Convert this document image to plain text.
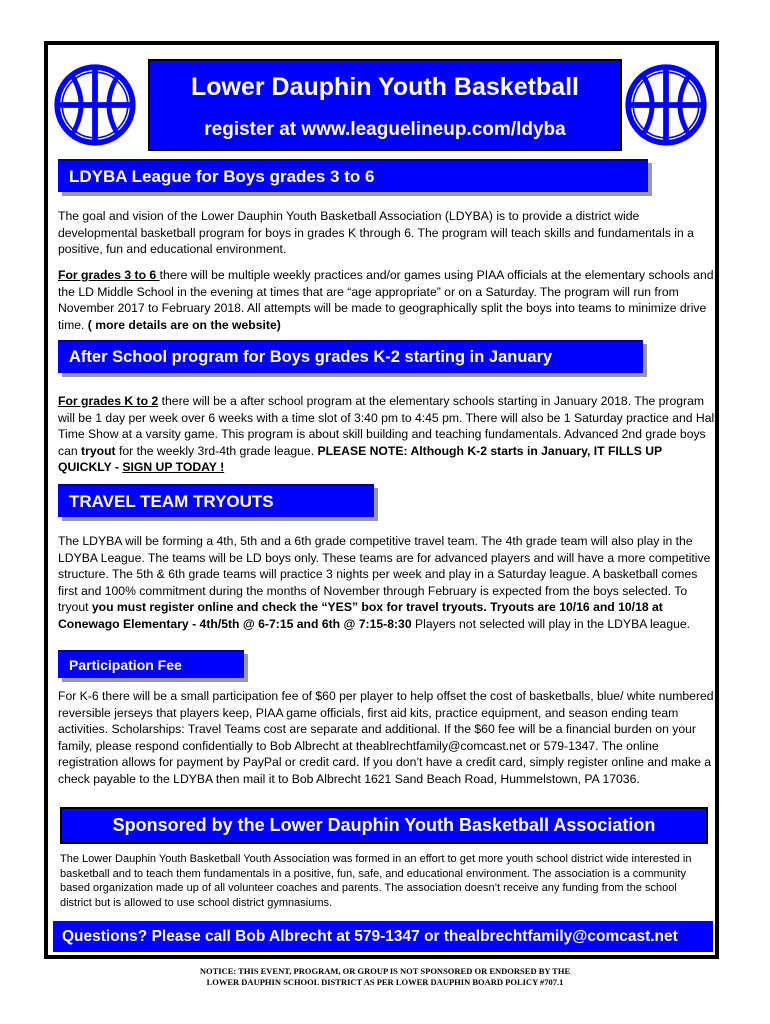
Lower Dauphin Youth Basketball
register at www.leaguelineup.com/ldyba
LDYBA League for Boys grades 3 to 6
The goal and vision of the Lower Dauphin Youth Basketball Association (LDYBA) is to provide a district wide developmental basketball program for boys in grades K through 6. The program will teach skills and fundamentals in a positive, fun and educational environment.
For grades 3 to 6 there will be multiple weekly practices and/or games using PIAA officials at the elementary schools and the LD Middle School in the evening at times that are “age appropriate” or on a Saturday. The program will run from November 2017 to February 2018. All attempts will be made to geographically split the boys into teams to minimize drive time. ( more details are on the website)
After School program for Boys grades K-2 starting in January
For grades K to 2 there will be a after school program at the elementary schools starting in January 2018. The program will be 1 day per week over 6 weeks with a time slot of 3:40 pm to 4:45 pm. There will also be 1 Saturday practice and Half Time Show at a varsity game. This program is about skill building and teaching fundamentals. Advanced 2nd grade boys can tryout for the weekly 3rd-4th grade league. PLEASE NOTE: Although K-2 starts in January, IT FILLS UP QUICKLY - SIGN UP TODAY !
TRAVEL TEAM TRYOUTS
The LDYBA will be forming a 4th, 5th and a 6th grade competitive travel team. The 4th grade team will also play in the LDYBA League. The teams will be LD boys only. These teams are for advanced players and will have a more competitive structure. The 5th & 6th grade teams will practice 3 nights per week and play in a Saturday league. A basketball comes first and 100% commitment during the months of November through February is expected from the boys selected. To tryout you must register online and check the “YES” box for travel tryouts. Tryouts are 10/16 and 10/18 at Conewago Elementary - 4th/5th @ 6-7:15 and 6th @ 7:15-8:30 Players not selected will play in the LDYBA league.
Participation Fee
For K-6 there will be a small participation fee of $60 per player to help offset the cost of basketballs, blue/ white numbered reversible jerseys that players keep, PIAA game officials, first aid kits, practice equipment, and season ending team activities. Scholarships: Travel Teams cost are separate and additional. If the $60 fee will be a financial burden on your family, please respond confidentially to Bob Albrecht at theablrechtfamily@comcast.net or 579-1347. The online registration allows for payment by PayPal or credit card. If you don’t have a credit card, simply register online and make a check payable to the LDYBA then mail it to Bob Albrecht 1621 Sand Beach Road, Hummelstown, PA 17036.
Sponsored by the Lower Dauphin Youth Basketball Association
The Lower Dauphin Youth Basketball Youth Association was formed in an effort to get more youth school district wide interested in basketball and to teach them fundamentals in a positive, fun, safe, and educational environment. The association is a community based organization made up of all volunteer coaches and parents. The association doesn’t receive any funding from the school district but is allowed to use school district gymnasiums.
Questions? Please call Bob Albrecht at 579-1347 or thealbrechtfamily@comcast.net
NOTICE: THIS EVENT, PROGRAM, OR GROUP IS NOT SPONSORED OR ENDORSED BY THE
LOWER DAUPHIN SCHOOL DISTRICT AS PER LOWER DAUPHIN BOARD POLICY #707.1
